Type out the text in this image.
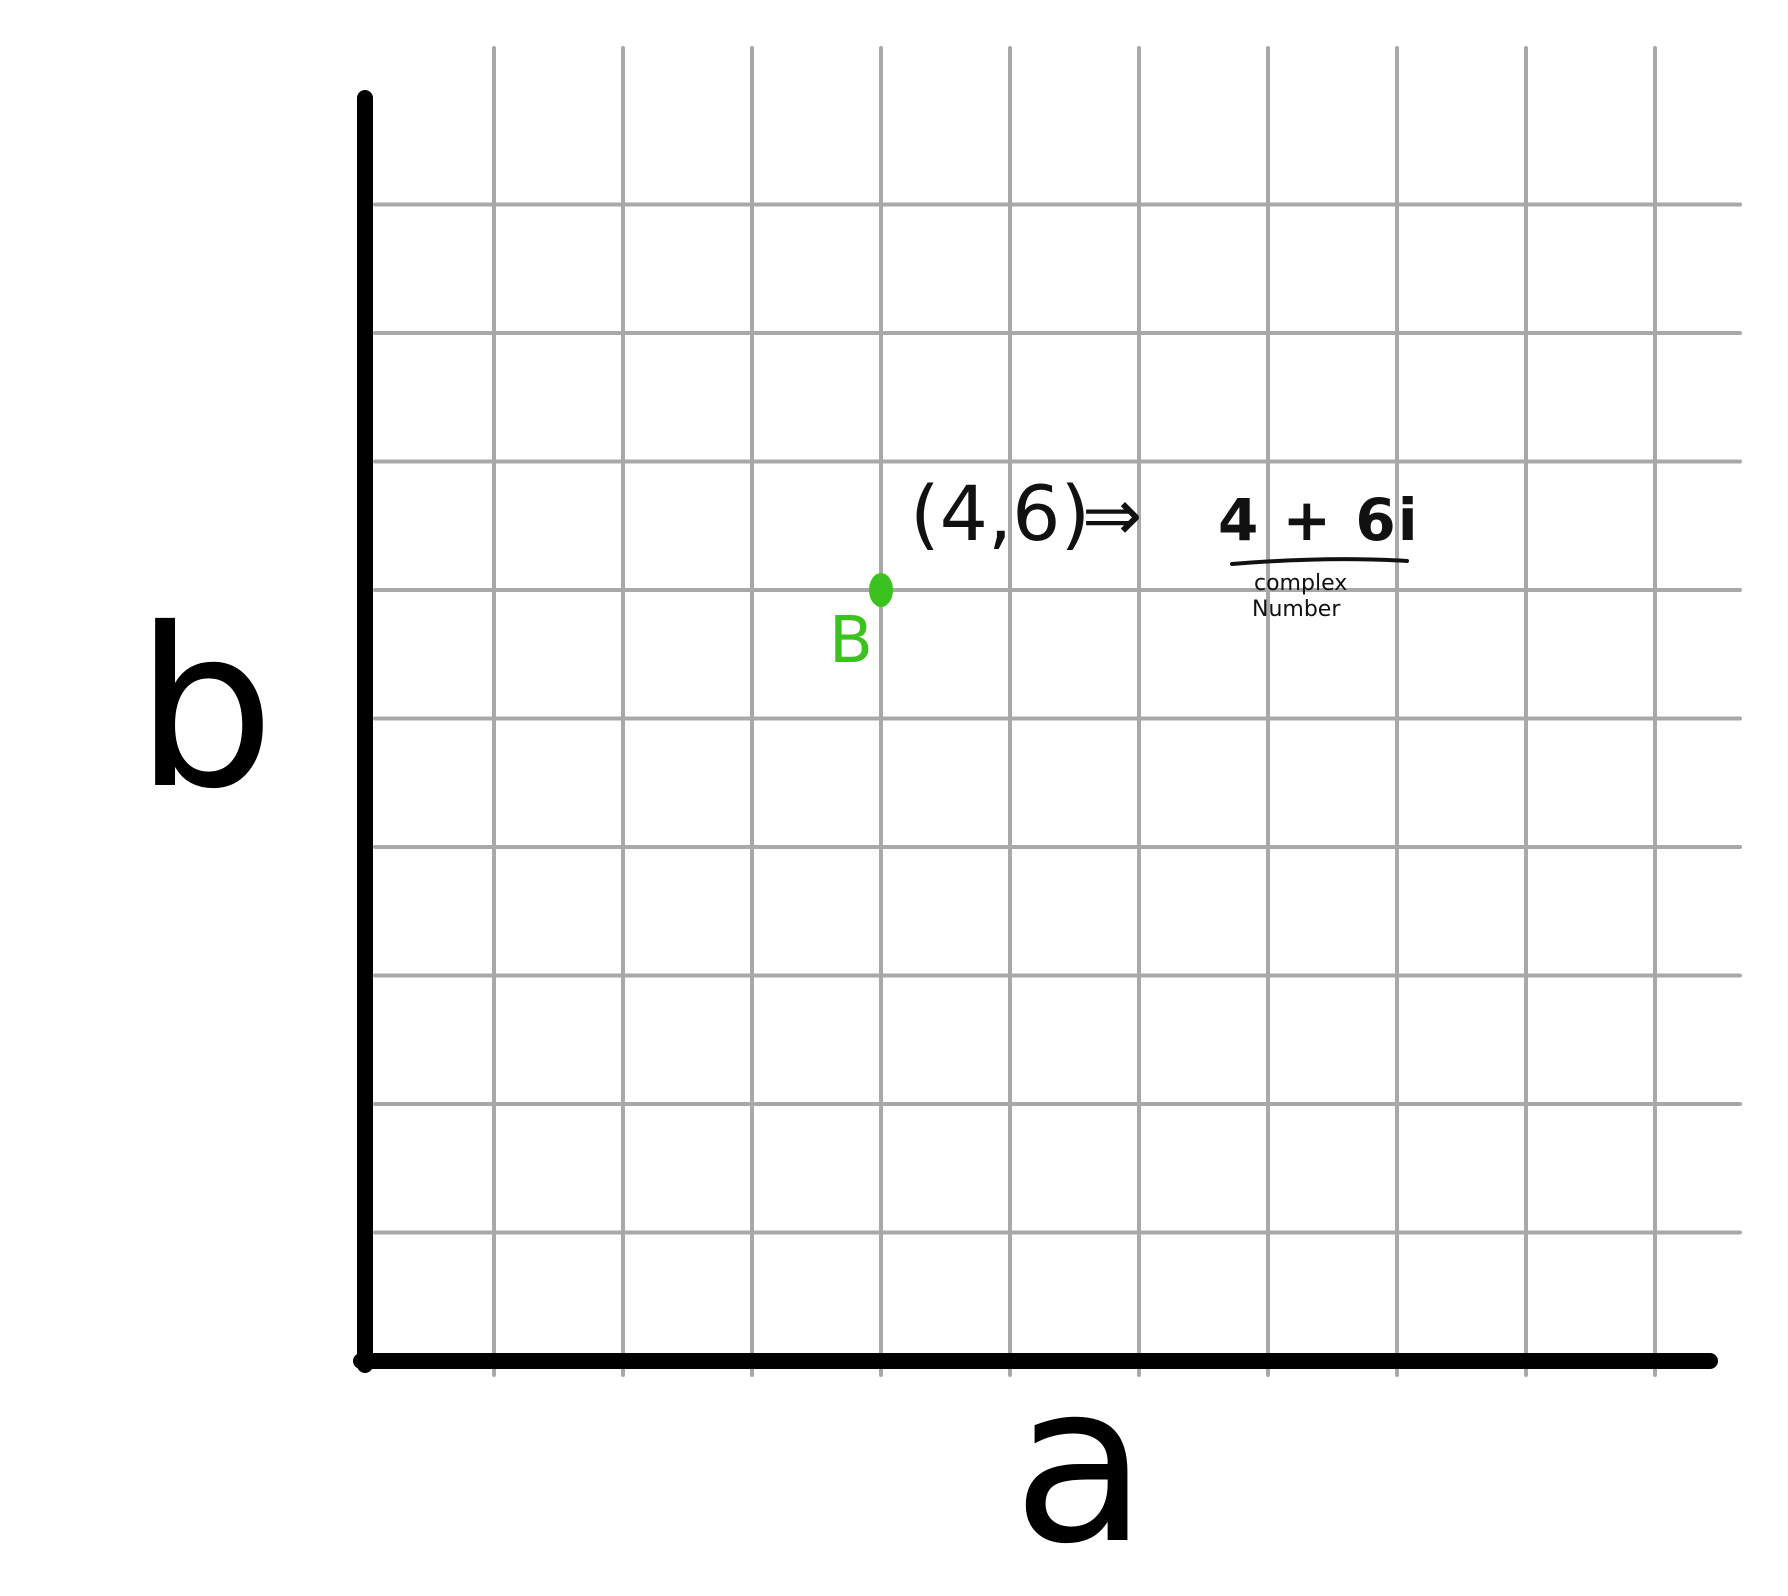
b
a
B
(4,6)
⇒ 4 + 6i
complex
Number
